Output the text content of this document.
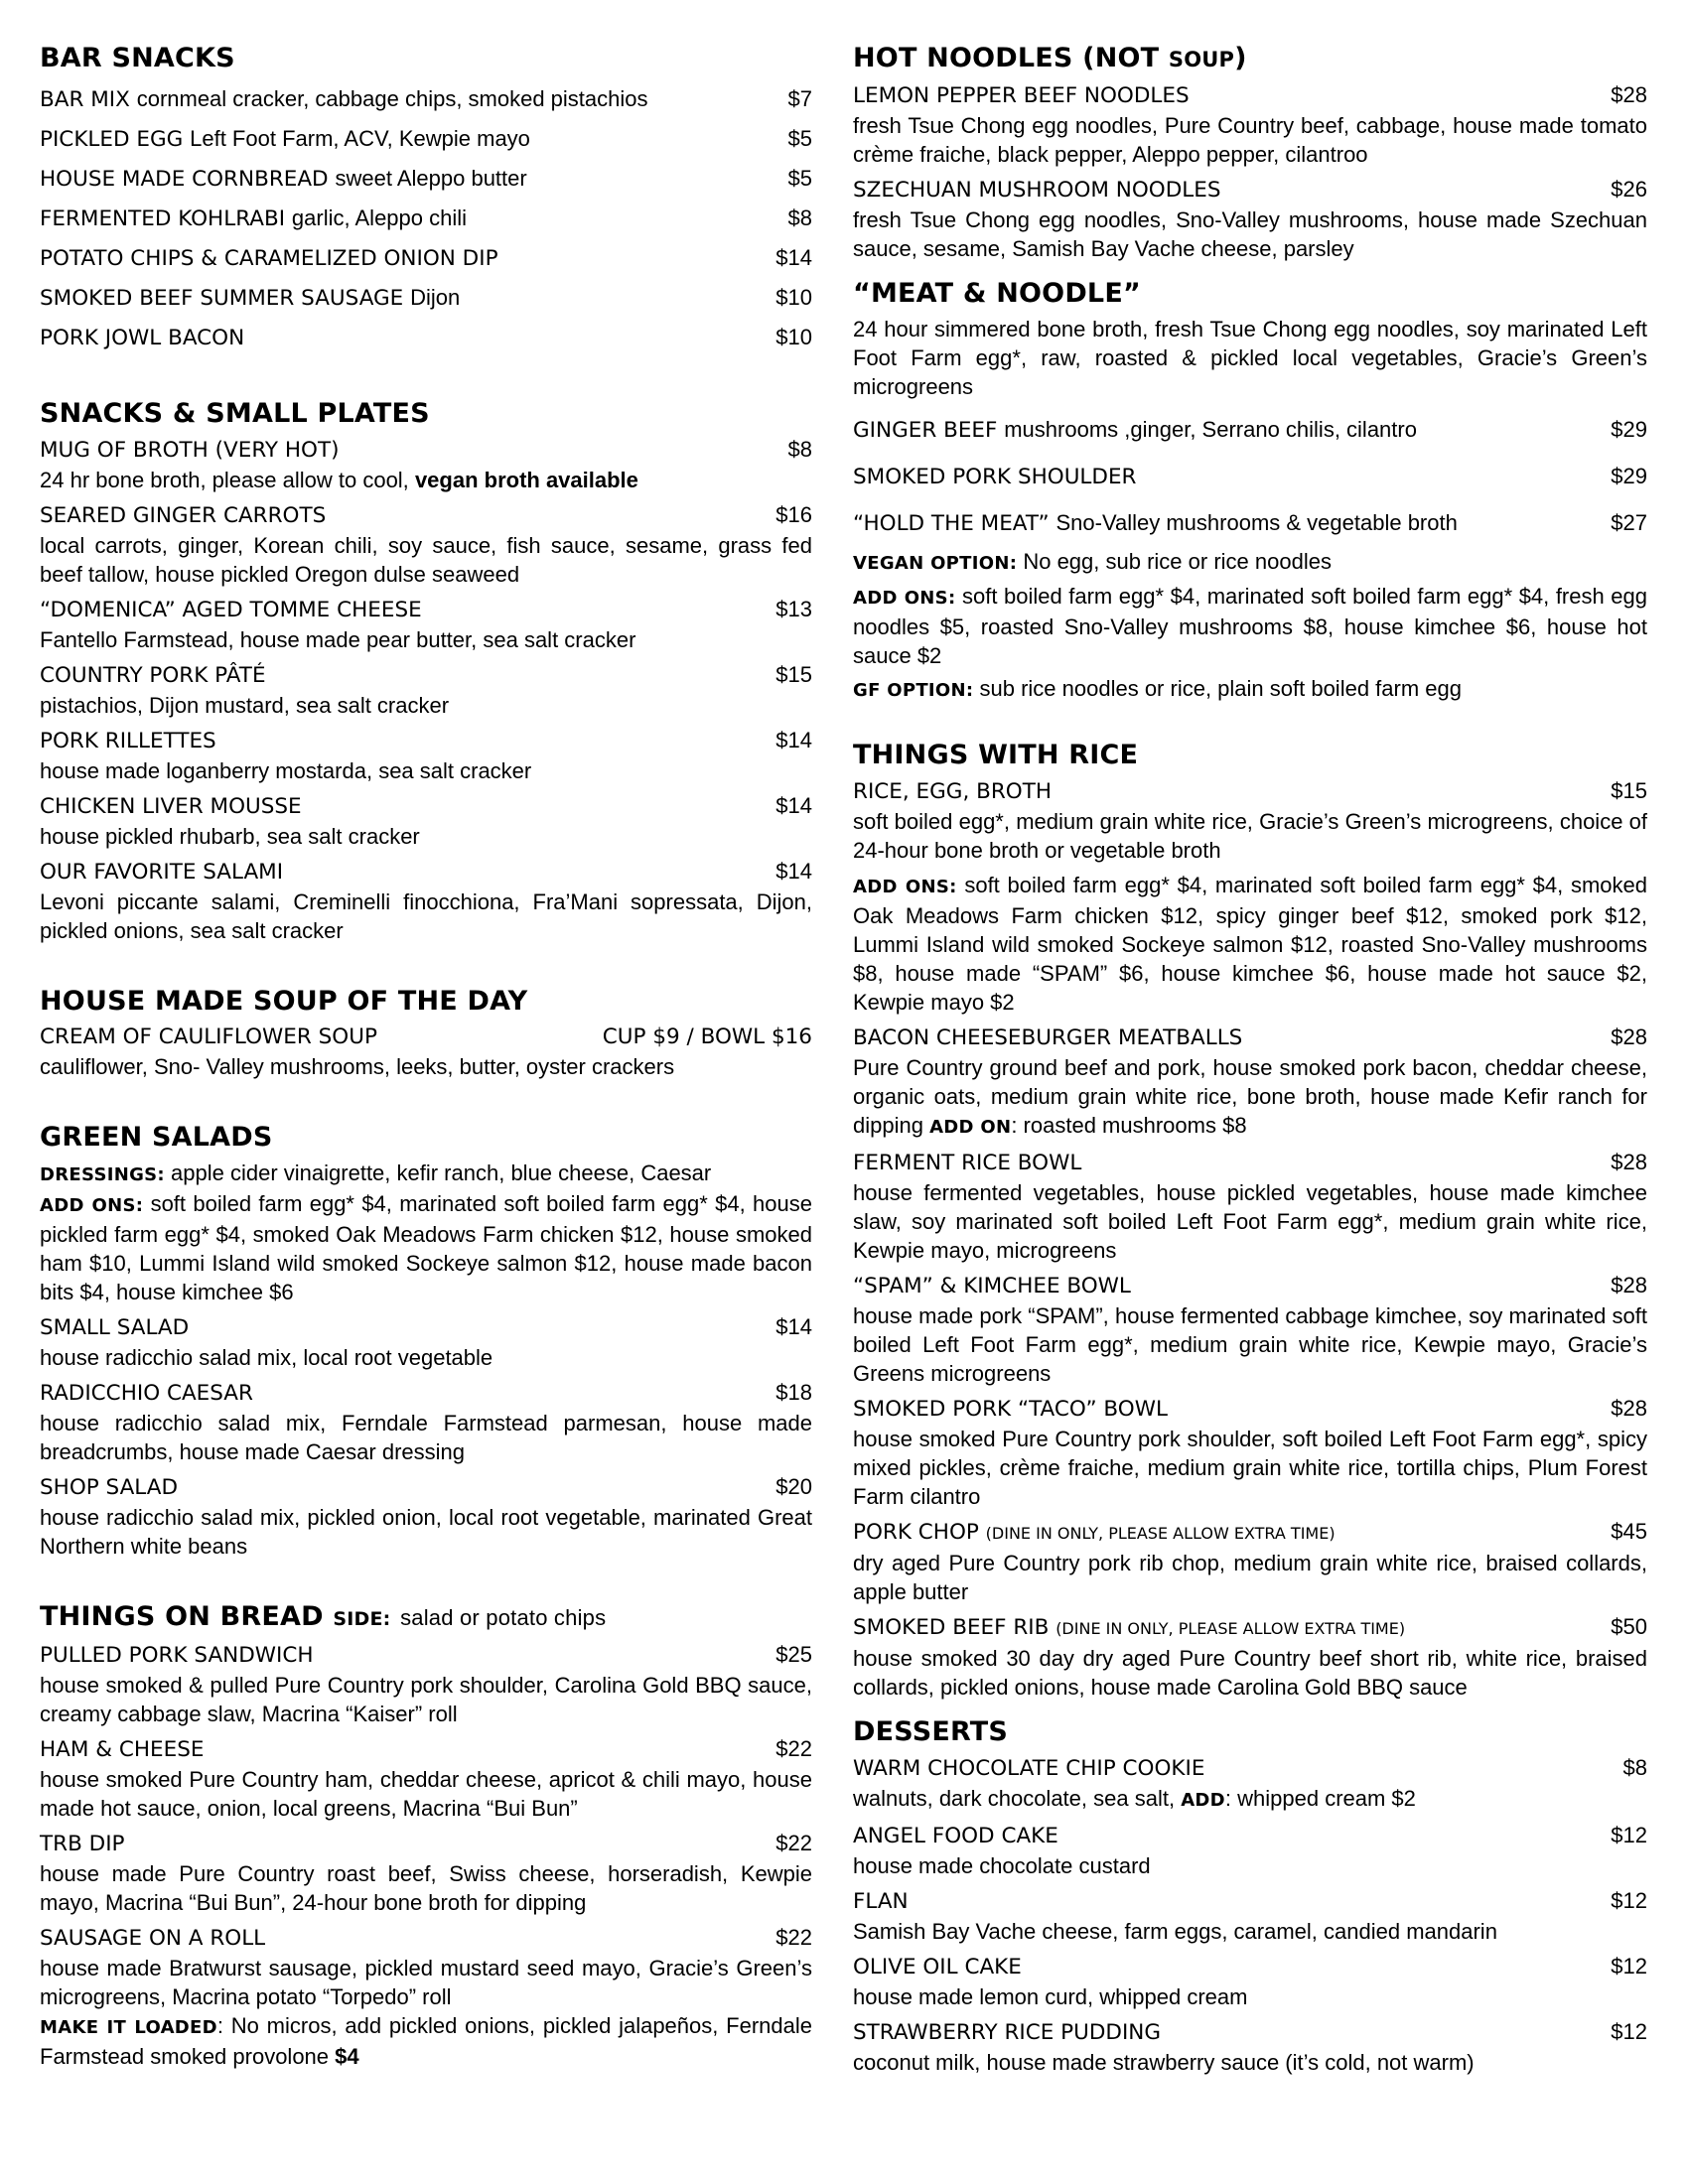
BAR SNACKS
BAR MIX cornmeal cracker, cabbage chips, smoked pistachios	$7
PICKLED EGG Left Foot Farm, ACV, Kewpie mayo	$5
HOUSE MADE CORNBREAD sweet Aleppo butter	$5
FERMENTED KOHLRABI garlic, Aleppo chili	$8
POTATO CHIPS & CARAMELIZED ONION DIP	$14
SMOKED BEEF SUMMER SAUSAGE Dijon	$10
PORK JOWL BACON	$10
SNACKS & SMALL PLATES
MUG OF BROTH (VERY HOT)	$8
24 hr bone broth, please allow to cool, vegan broth available
SEARED GINGER CARROTS	$16
local carrots, ginger, Korean chili, soy sauce, fish sauce, sesame, grass fed beef tallow, house pickled Oregon dulse seaweed
“DOMENICA” AGED TOMME CHEESE	$13
Fantello Farmstead, house made pear butter, sea salt cracker
COUNTRY PORK PÂTÉ	$15
pistachios, Dijon mustard, sea salt cracker
PORK RILLETTES	$14
house made loganberry mostarda, sea salt cracker
CHICKEN LIVER MOUSSE	$14
house pickled rhubarb, sea salt cracker
OUR FAVORITE SALAMI	$14
Levoni piccante salami, Creminelli finocchiona, Fra’Mani sopressata, Dijon, pickled onions, sea salt cracker
HOUSE MADE SOUP OF THE DAY
CREAM OF CAULIFLOWER SOUP	CUP $9 / BOWL $16
cauliflower, Sno- Valley mushrooms, leeks, butter, oyster crackers
GREEN SALADS
DRESSINGS: apple cider vinaigrette, kefir ranch, blue cheese, Caesar
ADD ONS: soft boiled farm egg* $4, marinated soft boiled farm egg* $4, house pickled farm egg* $4, smoked Oak Meadows Farm chicken $12, house smoked ham $10, Lummi Island wild smoked Sockeye salmon $12, house made bacon bits $4, house kimchee $6
SMALL SALAD	$14
house radicchio salad mix, local root vegetable
RADICCHIO CAESAR	$18
house radicchio salad mix, Ferndale Farmstead parmesan, house made breadcrumbs, house made Caesar dressing
SHOP SALAD	$20
house radicchio salad mix, pickled onion, local root vegetable, marinated Great Northern white beans
THINGS ON BREAD SIDE: salad or potato chips
PULLED PORK SANDWICH	$25
house smoked & pulled Pure Country pork shoulder, Carolina Gold BBQ sauce, creamy cabbage slaw, Macrina “Kaiser” roll
HAM & CHEESE	$22
house smoked Pure Country ham, cheddar cheese, apricot & chili mayo, house made hot sauce, onion, local greens, Macrina “Bui Bun”
TRB DIP	$22
house made Pure Country roast beef, Swiss cheese, horseradish, Kewpie mayo, Macrina “Bui Bun”, 24-hour bone broth for dipping
SAUSAGE ON A ROLL	$22
house made Bratwurst sausage, pickled mustard seed mayo, Gracie’s Green’s microgreens, Macrina potato “Torpedo” roll
MAKE IT LOADED: No micros, add pickled onions, pickled jalapeños, Ferndale Farmstead smoked provolone $4
HOT NOODLES (NOT SOUP)
LEMON PEPPER BEEF NOODLES	$28
fresh Tsue Chong egg noodles, Pure Country beef, cabbage, house made tomato crème fraiche, black pepper, Aleppo pepper, cilantroo
SZECHUAN MUSHROOM NOODLES	$26
fresh Tsue Chong egg noodles, Sno-Valley mushrooms, house made Szechuan sauce, sesame, Samish Bay Vache cheese, parsley
“MEAT & NOODLE”
24 hour simmered bone broth, fresh Tsue Chong egg noodles, soy marinated Left Foot Farm egg*, raw, roasted & pickled local vegetables, Gracie’s Green’s microgreens
GINGER BEEF mushrooms ,ginger, Serrano chilis, cilantro	$29
SMOKED PORK SHOULDER	$29
“HOLD THE MEAT” Sno-Valley mushrooms & vegetable broth	$27
VEGAN OPTION: No egg, sub rice or rice noodles
ADD ONS: soft boiled farm egg* $4, marinated soft boiled farm egg* $4, fresh egg noodles $5, roasted Sno-Valley mushrooms $8, house kimchee $6, house hot sauce $2
GF OPTION: sub rice noodles or rice, plain soft boiled farm egg
THINGS WITH RICE
RICE, EGG, BROTH	$15
soft boiled egg*, medium grain white rice, Gracie’s Green’s microgreens, choice of 24-hour bone broth or vegetable broth
ADD ONS: soft boiled farm egg* $4, marinated soft boiled farm egg* $4, smoked Oak Meadows Farm chicken $12, spicy ginger beef $12, smoked pork $12, Lummi Island wild smoked Sockeye salmon $12, roasted Sno-Valley mushrooms $8, house made “SPAM” $6, house kimchee $6, house made hot sauce $2, Kewpie mayo $2
BACON CHEESEBURGER MEATBALLS	$28
Pure Country ground beef and pork, house smoked pork bacon, cheddar cheese, organic oats, medium grain white rice, bone broth, house made Kefir ranch for dipping ADD ON: roasted mushrooms $8
FERMENT RICE BOWL	$28
house fermented vegetables, house pickled vegetables, house made kimchee slaw, soy marinated soft boiled Left Foot Farm egg*, medium grain white rice, Kewpie mayo, microgreens
“SPAM” & KIMCHEE BOWL	$28
house made pork “SPAM”, house fermented cabbage kimchee, soy marinated soft boiled Left Foot Farm egg*, medium grain white rice, Kewpie mayo, Gracie’s Greens microgreens
SMOKED PORK “TACO” BOWL	$28
house smoked Pure Country pork shoulder, soft boiled Left Foot Farm egg*, spicy mixed pickles, crème fraiche, medium grain white rice, tortilla chips, Plum Forest Farm cilantro
PORK CHOP (DINE IN ONLY, PLEASE ALLOW EXTRA TIME)	$45
dry aged Pure Country pork rib chop, medium grain white rice, braised collards, apple butter
SMOKED BEEF RIB (DINE IN ONLY, PLEASE ALLOW EXTRA TIME)	$50
house smoked 30 day dry aged Pure Country beef short rib, white rice, braised collards, pickled onions, house made Carolina Gold BBQ sauce
DESSERTS
WARM CHOCOLATE CHIP COOKIE	$8
walnuts, dark chocolate, sea salt, ADD: whipped cream $2
ANGEL FOOD CAKE	$12
house made chocolate custard
FLAN	$12
Samish Bay Vache cheese, farm eggs, caramel, candied mandarin
OLIVE OIL CAKE	$12
house made lemon curd, whipped cream
STRAWBERRY RICE PUDDING	$12
coconut milk, house made strawberry sauce (it’s cold, not warm)
